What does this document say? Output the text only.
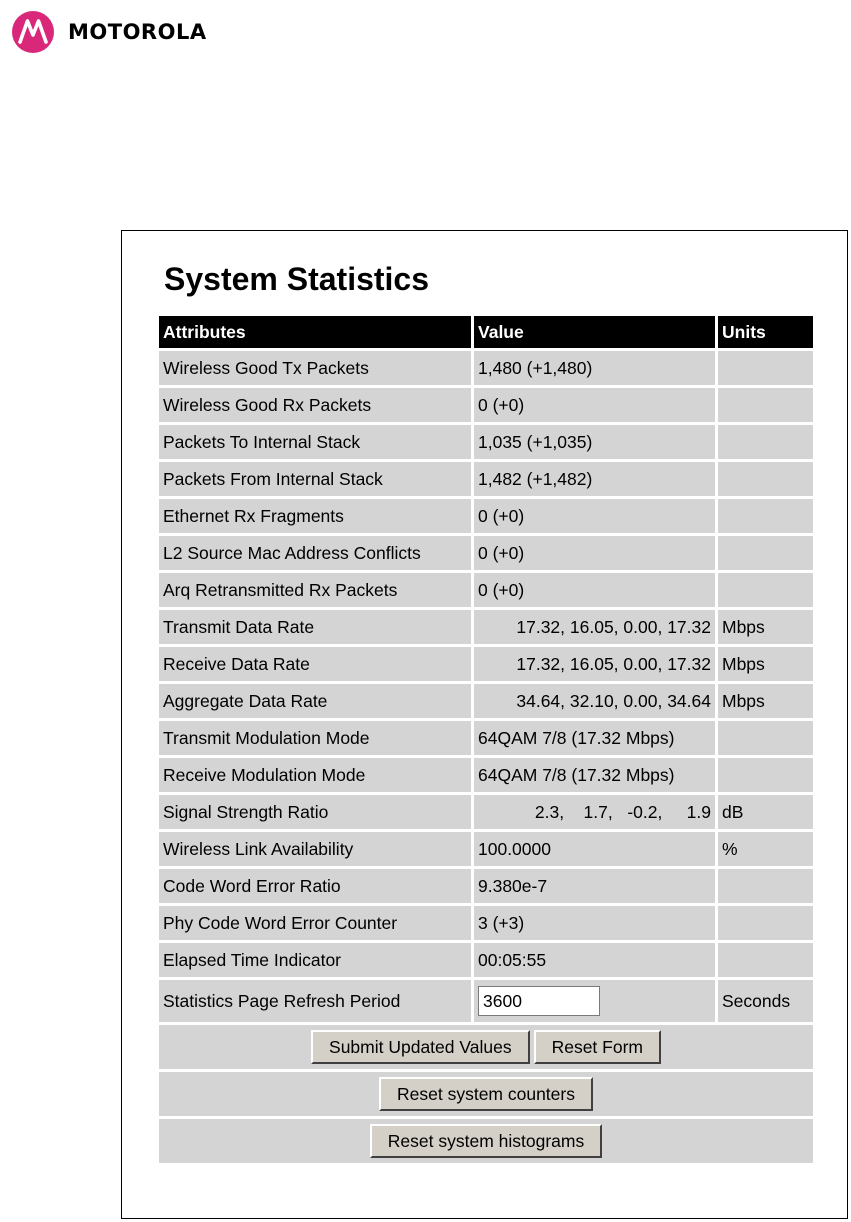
MOTOROLA
System Statistics
Attributes	Value	Units
Wireless Good Tx Packets	1,480 (+1,480)	
Wireless Good Rx Packets	0 (+0)	
Packets To Internal Stack	1,035 (+1,035)	
Packets From Internal Stack	1,482 (+1,482)	
Ethernet Rx Fragments	0 (+0)	
L2 Source Mac Address Conflicts	0 (+0)	
Arq Retransmitted Rx Packets	0 (+0)	
Transmit Data Rate	17.32, 16.05, 0.00, 17.32	Mbps
Receive Data Rate	17.32, 16.05, 0.00, 17.32	Mbps
Aggregate Data Rate	34.64, 32.10, 0.00, 34.64	Mbps
Transmit Modulation Mode	64QAM 7/8 (17.32 Mbps)	
Receive Modulation Mode	64QAM 7/8 (17.32 Mbps)	
Signal Strength Ratio	2.3,    1.7,   -0.2,     1.9	dB
Wireless Link Availability	100.0000	%
Code Word Error Ratio	9.380e-7	
Phy Code Word Error Counter	3 (+3)	
Elapsed Time Indicator	00:05:55	
Statistics Page Refresh Period	3600	Seconds
Submit Updated Values Reset Form		
Reset system counters		
Reset system histograms		
